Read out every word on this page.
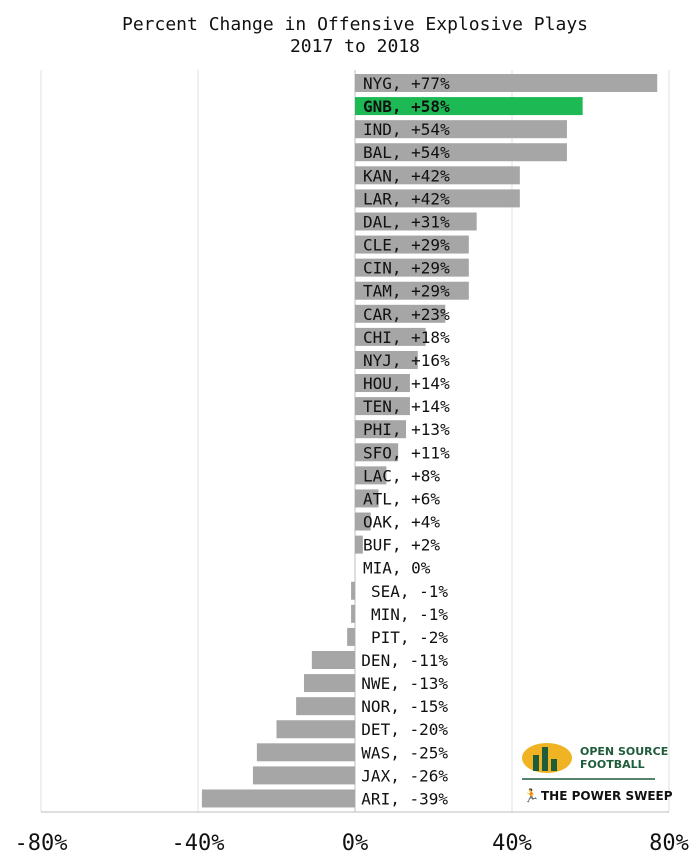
Percent Change in Offensive Explosive Plays
2017 to 2018
NYG, +77%
GNB, +58%
IND, +54%
BAL, +54%
KAN, +42%
LAR, +42%
DAL, +31%
CLE, +29%
CIN, +29%
TAM, +29%
CAR, +23%
CHI, +18%
NYJ, +16%
HOU, +14%
TEN, +14%
PHI, +13%
SFO, +11%
LAC, +8%
ATL, +6%
OAK, +4%
BUF, +2%
MIA, 0%
SEA, -1%
MIN, -1%
PIT, -2%
DEN, -11%
NWE, -13%
NOR, -15%
DET, -20%
WAS, -25%
JAX, -26%
ARI, -39%
-80%	-40%	0%	40%	80%
OPEN SOURCE
FOOTBALL
🏃 THE POWER SWEEP
